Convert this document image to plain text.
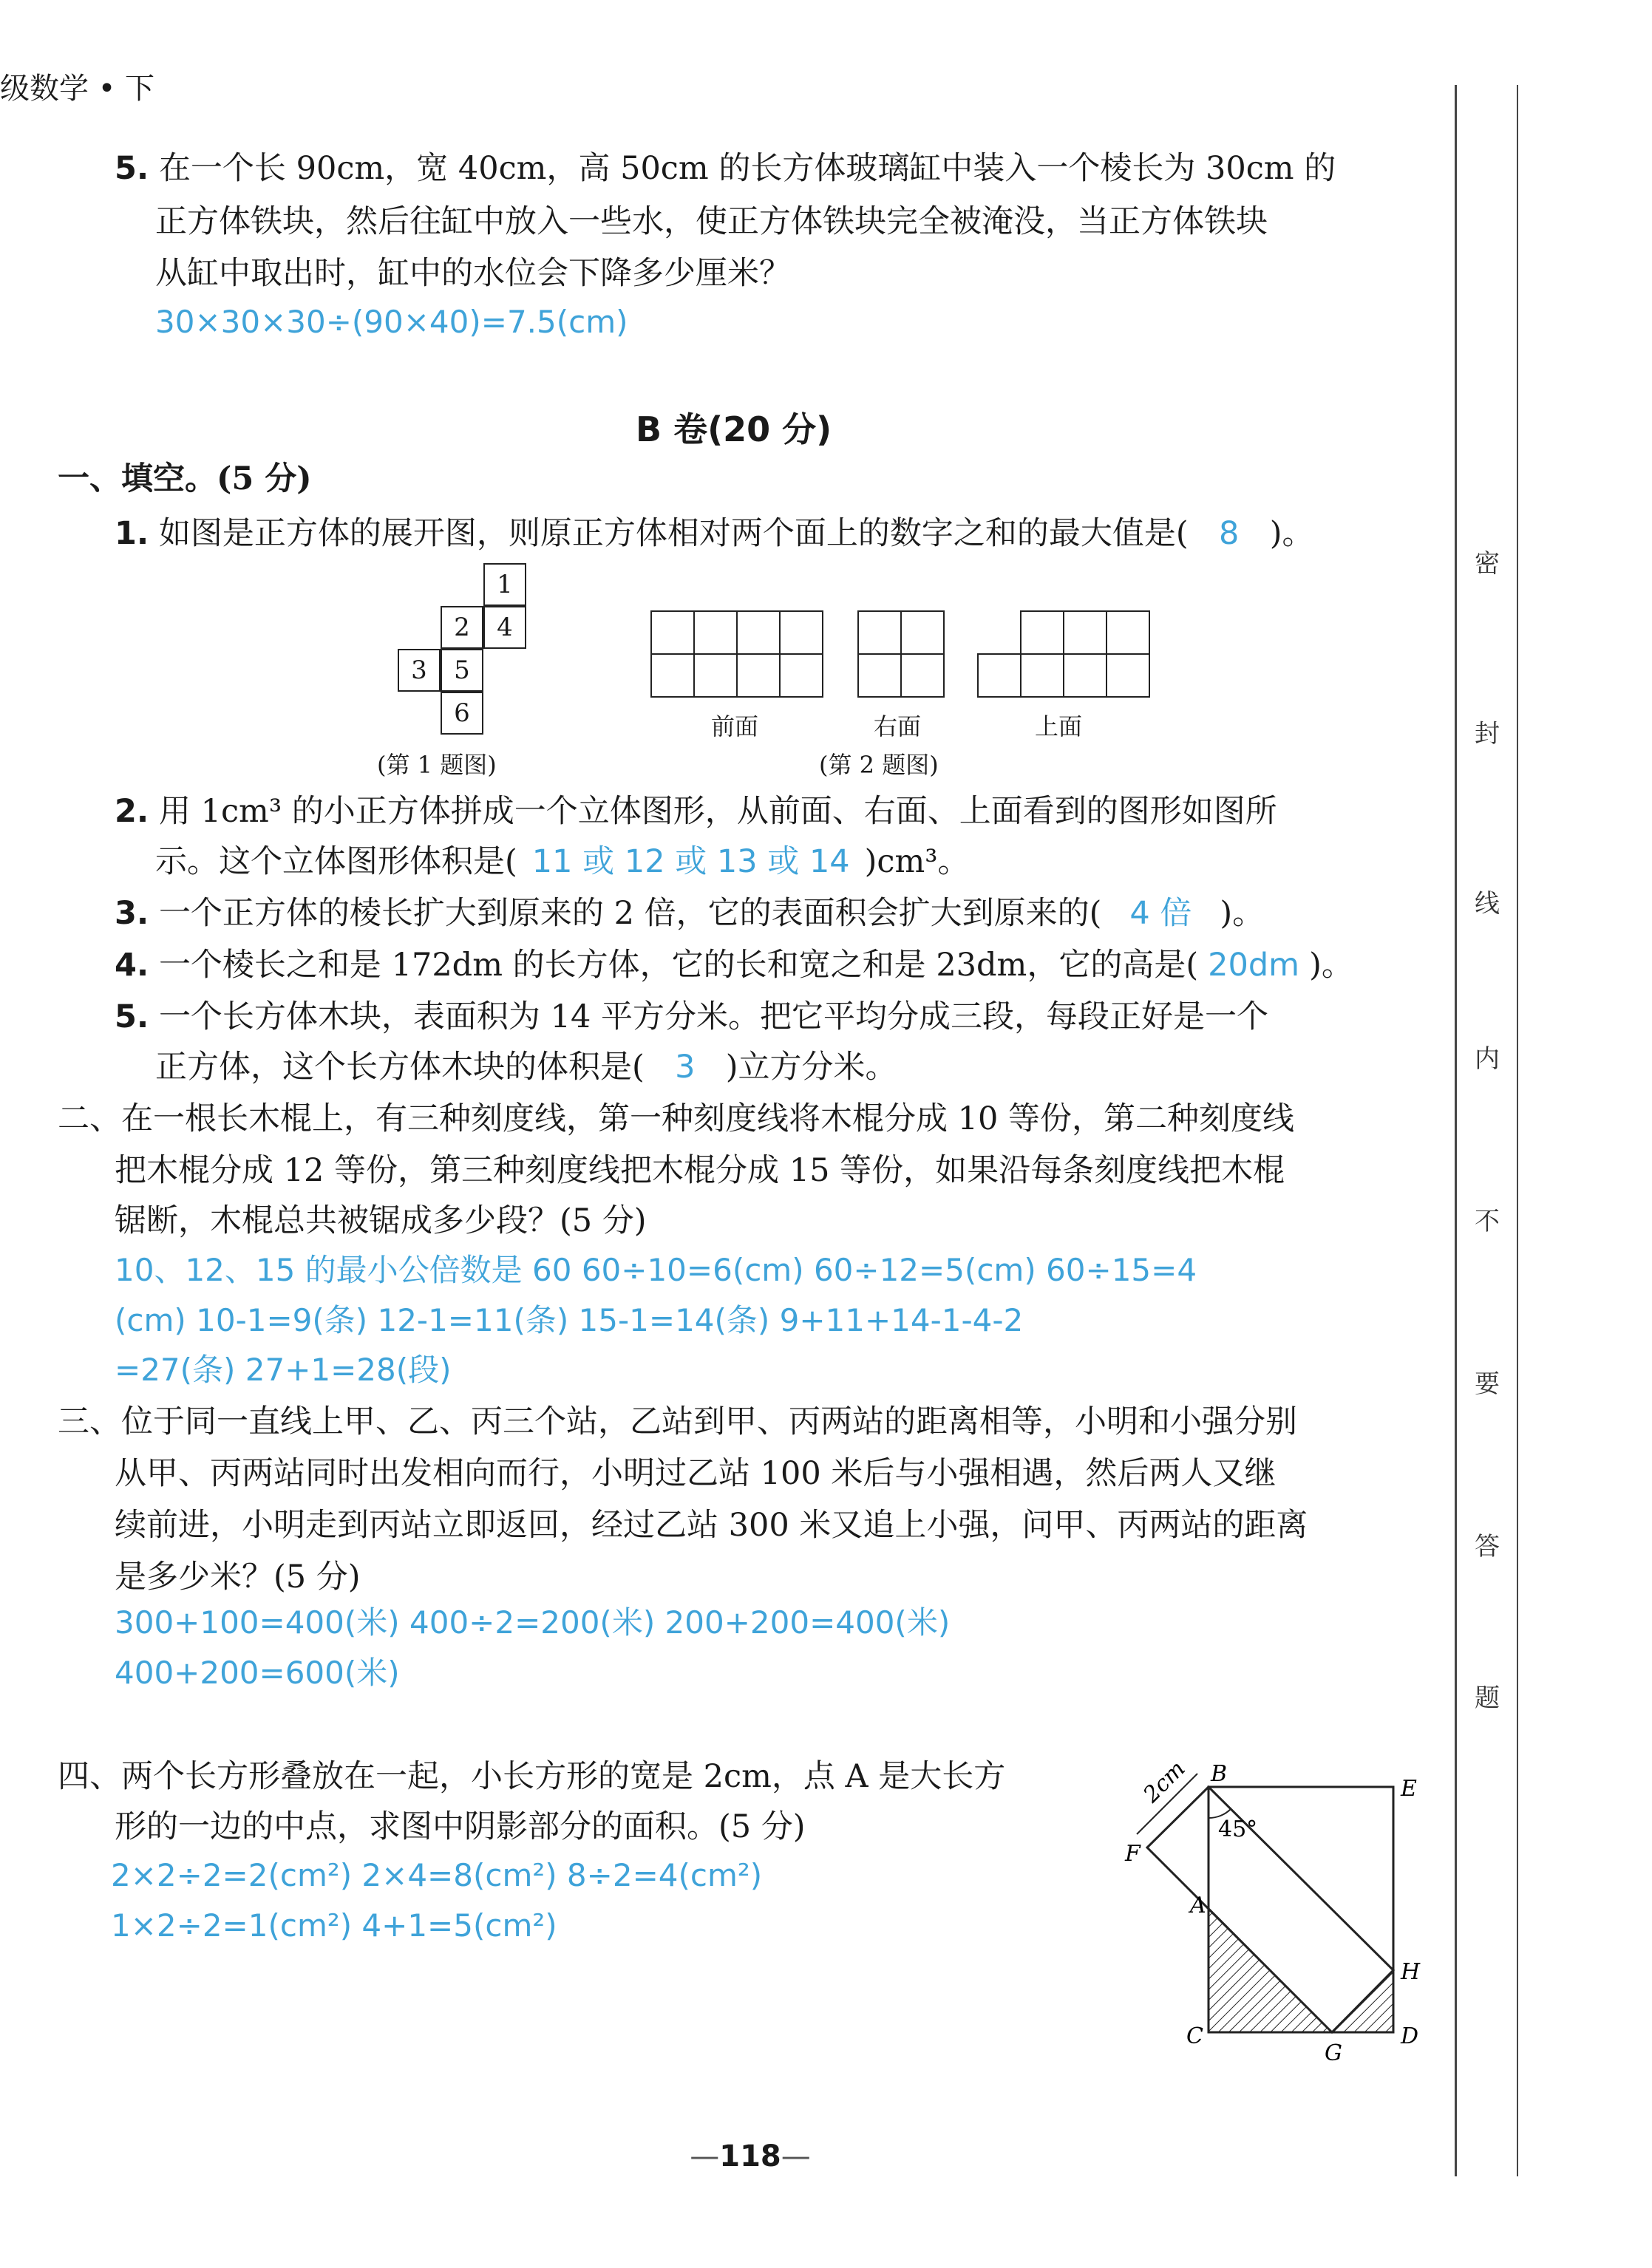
级数学 • 下
密
封
线
内
不
要
答
题
5. 在一个长 90cm，宽 40cm，高 50cm 的长方体玻璃缸中装入一个棱长为 30cm 的
正方体铁块，然后往缸中放入一些水，使正方体铁块完全被淹没，当正方体铁块
从缸中取出时，缸中的水位会下降多少厘米？
30×30×30÷(90×40)=7.5(cm)
B 卷(20 分)
一、填空。(5 分)
1. 如图是正方体的展开图，则原正方体相对两个面上的数字之和的最大值是( 8 )。
1
2	4
3	5
6
(第 1 题图)
前面	右面	上面
(第 2 题图)
2. 用 1cm³ 的小正方体拼成一个立体图形，从前面、右面、上面看到的图形如图所
示。这个立体图形体积是( 11 或 12 或 13 或 14 )cm³。
3. 一个正方体的棱长扩大到原来的 2 倍，它的表面积会扩大到原来的( 4 倍 )。
4. 一个棱长之和是 172dm 的长方体，它的长和宽之和是 23dm，它的高是( 20dm )。
5. 一个长方体木块，表面积为 14 平方分米。把它平均分成三段，每段正好是一个
正方体，这个长方体木块的体积是( 3 )立方分米。
二、在一根长木棍上，有三种刻度线，第一种刻度线将木棍分成 10 等份，第二种刻度线
把木棍分成 12 等份，第三种刻度线把木棍分成 15 等份，如果沿每条刻度线把木棍
锯断，木棍总共被锯成多少段？(5 分)
10、12、15 的最小公倍数是 60 60÷10=6(cm) 60÷12=5(cm) 60÷15=4
(cm) 10-1=9(条) 12-1=11(条) 15-1=14(条) 9+11+14-1-4-2
=27(条) 27+1=28(段)
三、位于同一直线上甲、乙、丙三个站，乙站到甲、丙两站的距离相等，小明和小强分别
从甲、丙两站同时出发相向而行，小明过乙站 100 米后与小强相遇，然后两人又继
续前进，小明走到丙站立即返回，经过乙站 300 米又追上小强，问甲、丙两站的距离
是多少米？(5 分)
300+100=400(米) 400÷2=200(米) 200+200=400(米)
400+200=600(米)
四、两个长方形叠放在一起，小长方形的宽是 2cm，点 A 是大长方
形的一边的中点，求图中阴影部分的面积。(5 分)
2×2÷2=2(cm²) 2×4=8(cm²) 8÷2=4(cm²)
1×2÷2=1(cm²) 4+1=5(cm²)
2cm
45°
B
E
F
A
H
C
G
D
—118—
